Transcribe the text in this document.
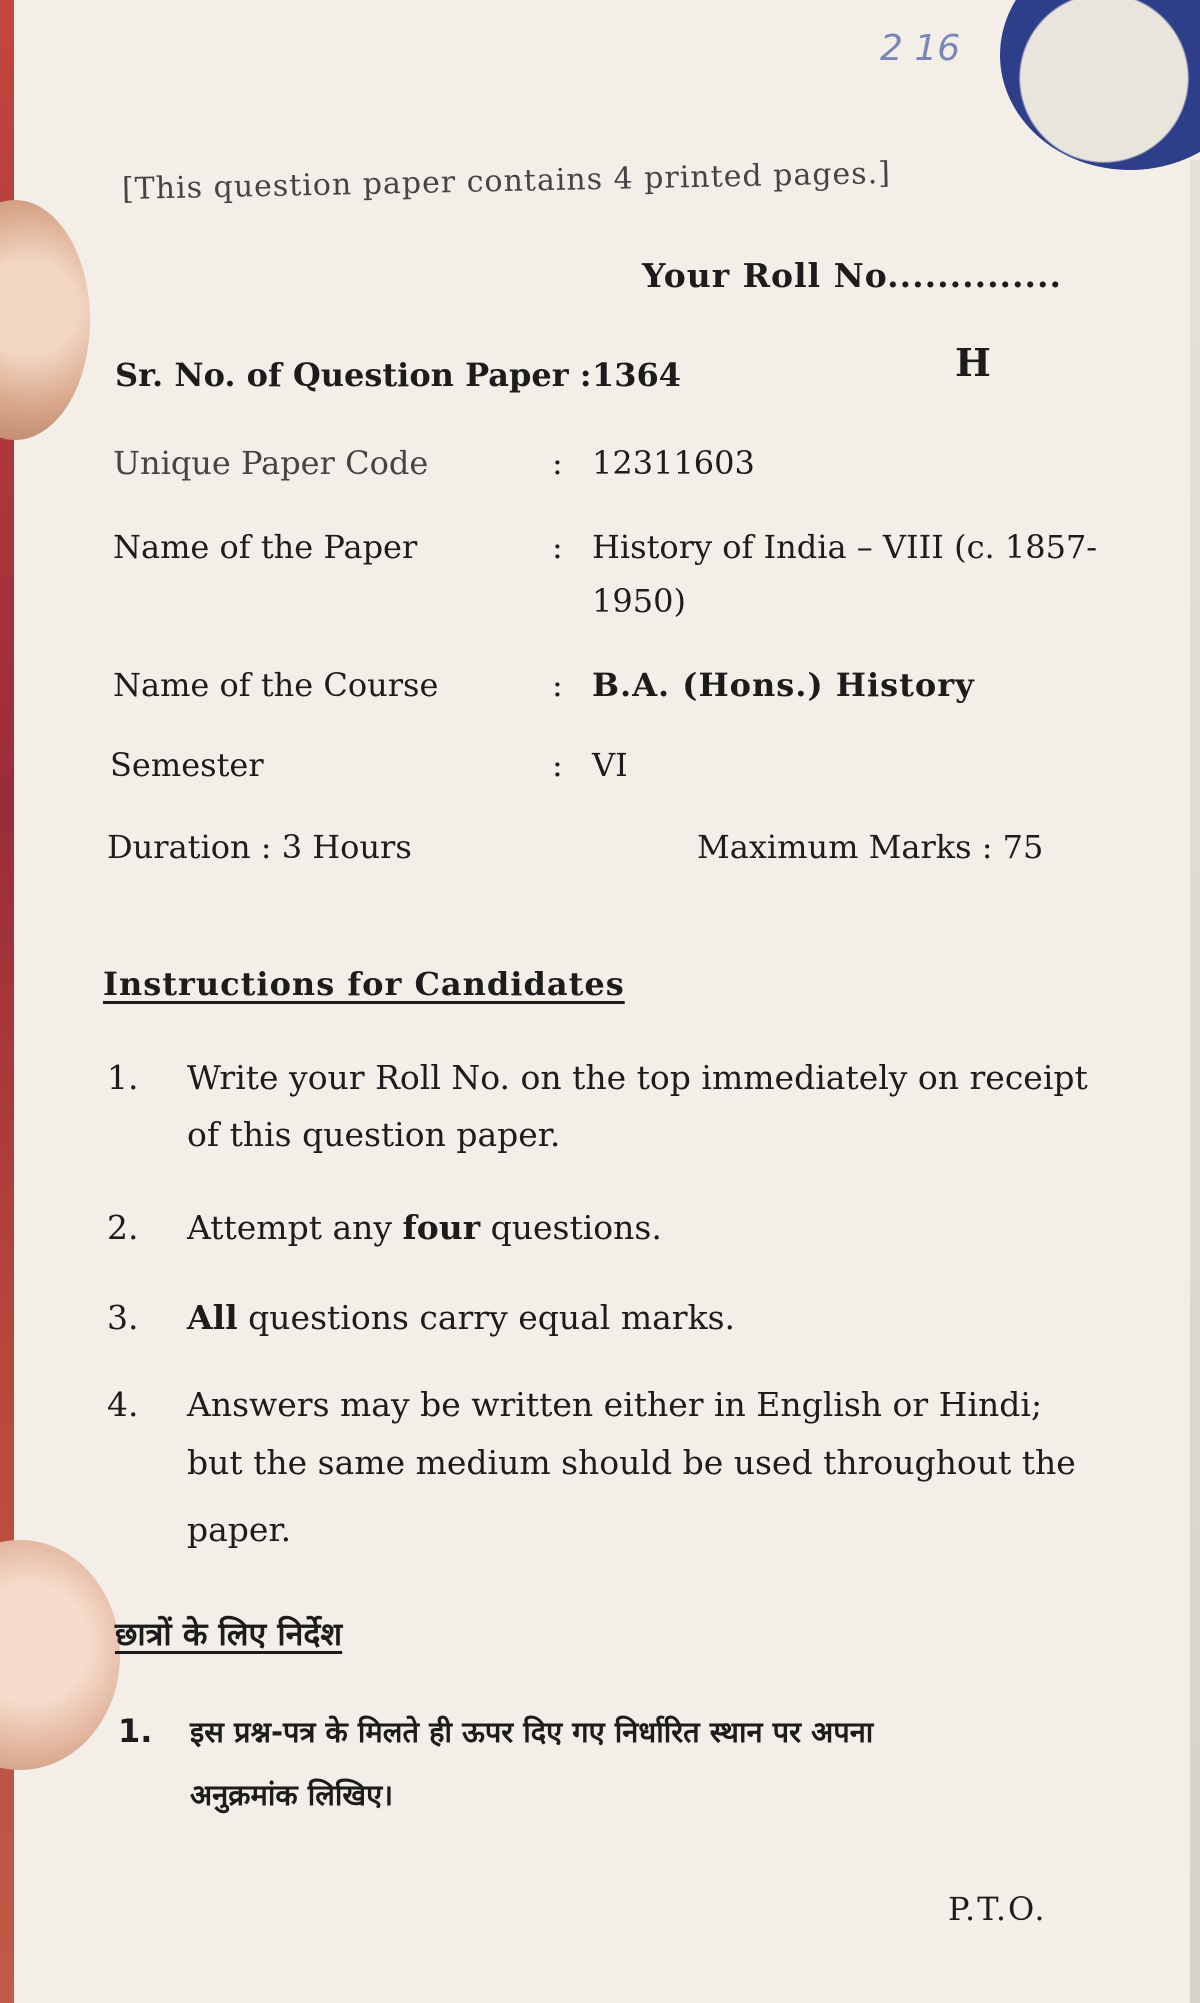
2 16
[This question paper contains 4 printed pages.]
Your Roll No..............
Sr. No. of Question Paper : 1364	H
Unique Paper Code	: 12311603
Name of the Paper	: History of India – VIII (c. 1857-
1950)
Name of the Course	: B.A. (Hons.) History
Semester	: VI
Duration : 3 Hours	Maximum Marks : 75
Instructions for Candidates
1. Write your Roll No. on the top immediately on receipt
of this question paper.
2. Attempt any four questions.
3. All questions carry equal marks.
4. Answers may be written either in English or Hindi;
but the same medium should be used throughout the
paper.
छात्रों के लिए निर्देश
1. इस प्रश्न-पत्र के मिलते ही ऊपर दिए गए निर्धारित स्थान पर अपना
अनुक्रमांक लिखिए।
P.T.O.
